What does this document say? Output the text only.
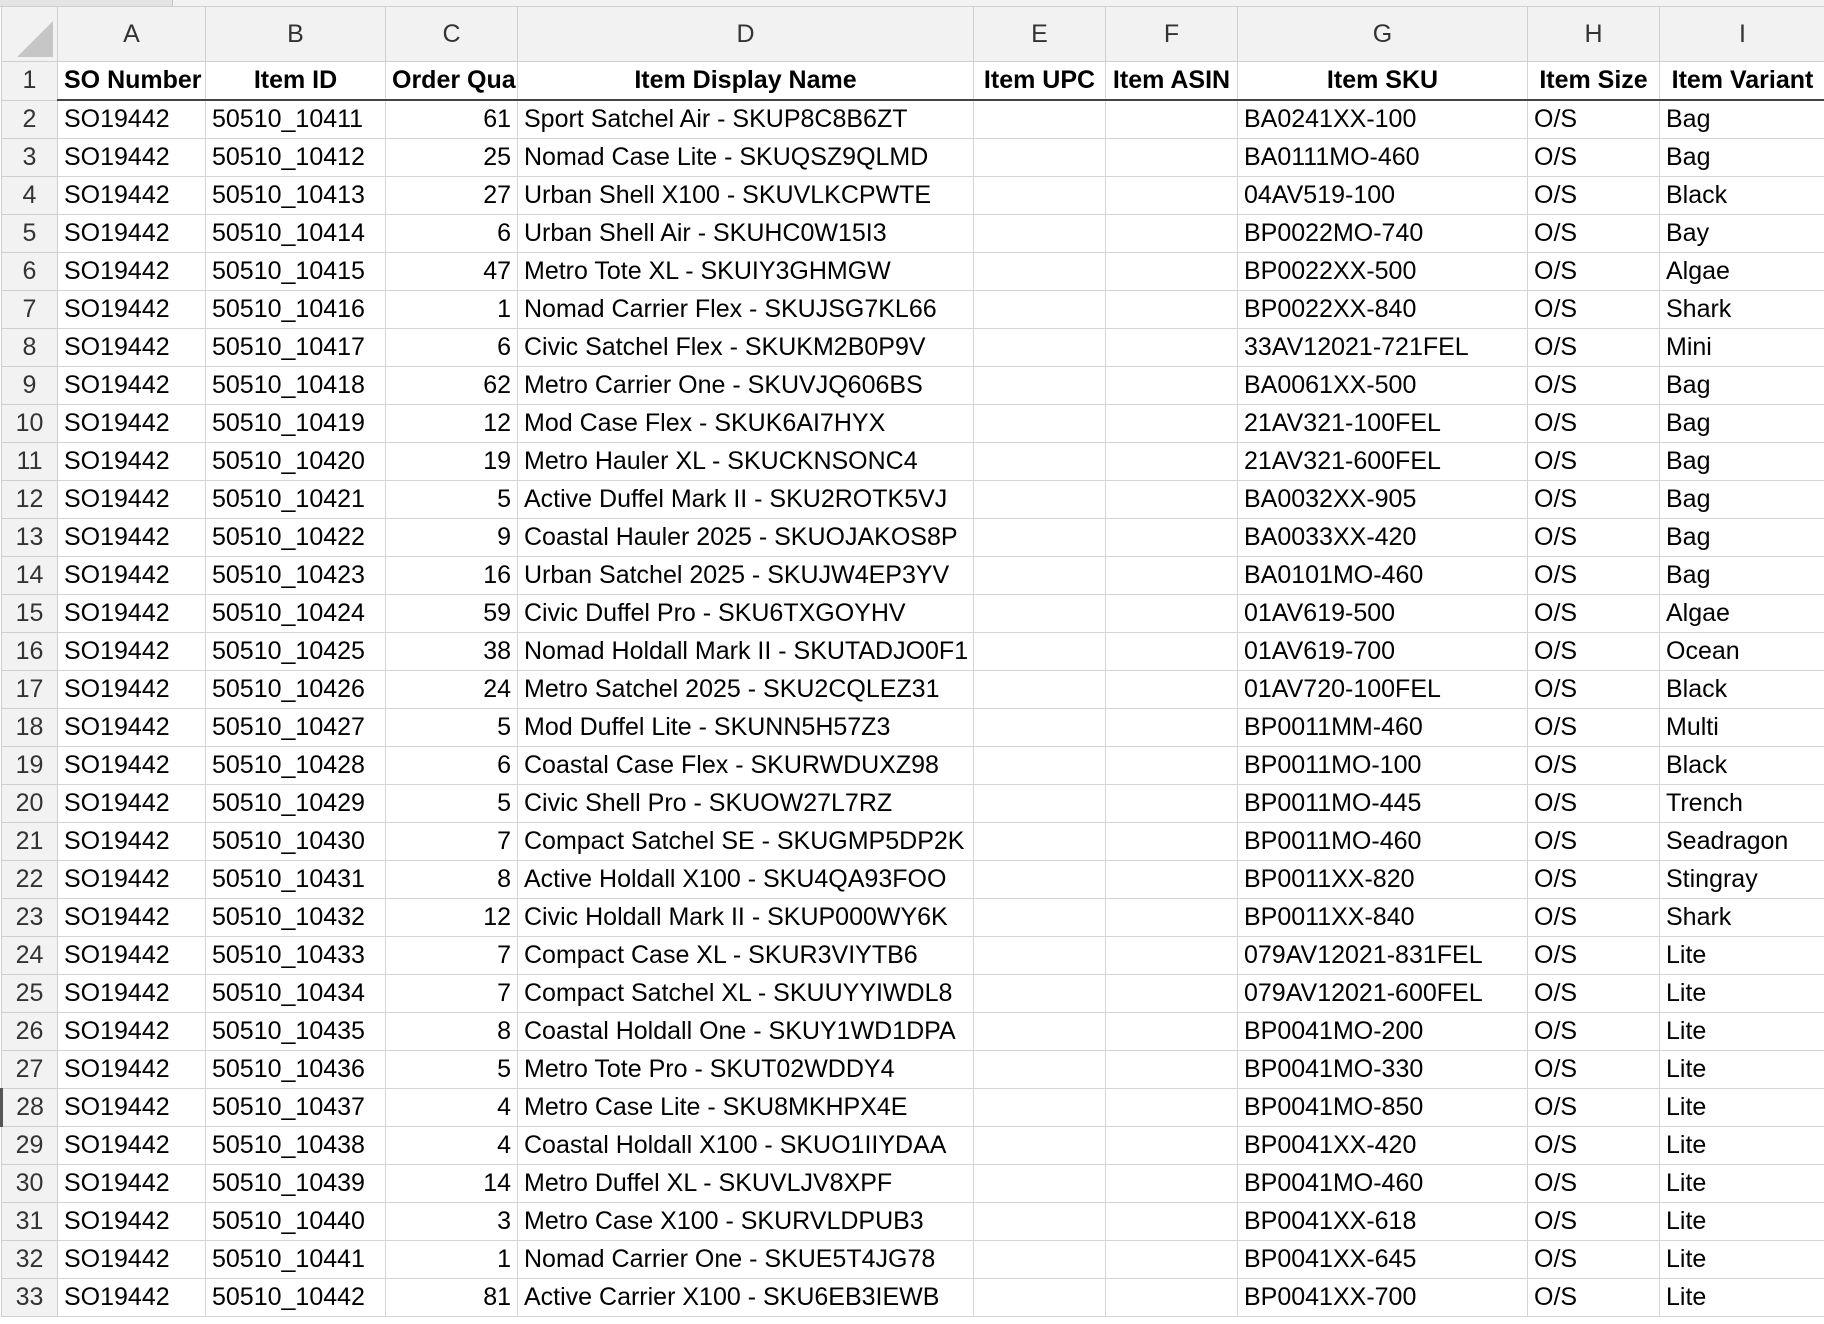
	A	B	C	D	E	F	G	H	I
1	SO Number	Item ID	Order Qua	Item Display Name	Item UPC	Item ASIN	Item SKU	Item Size	Item Variant
2	SO19442	50510_10411	61	Sport Satchel Air - SKUP8C8B6ZT			BA0241XX-100	O/S	Bag
3	SO19442	50510_10412	25	Nomad Case Lite - SKUQSZ9QLMD			BA0111MO-460	O/S	Bag
4	SO19442	50510_10413	27	Urban Shell X100 - SKUVLKCPWTE			04AV519-100	O/S	Black
5	SO19442	50510_10414	6	Urban Shell Air - SKUHC0W15I3			BP0022MO-740	O/S	Bay
6	SO19442	50510_10415	47	Metro Tote XL - SKUIY3GHMGW			BP0022XX-500	O/S	Algae
7	SO19442	50510_10416	1	Nomad Carrier Flex - SKUJSG7KL66			BP0022XX-840	O/S	Shark
8	SO19442	50510_10417	6	Civic Satchel Flex - SKUKM2B0P9V			33AV12021-721FEL	O/S	Mini
9	SO19442	50510_10418	62	Metro Carrier One - SKUVJQ606BS			BA0061XX-500	O/S	Bag
10	SO19442	50510_10419	12	Mod Case Flex - SKUK6AI7HYX			21AV321-100FEL	O/S	Bag
11	SO19442	50510_10420	19	Metro Hauler XL - SKUCKNSONC4			21AV321-600FEL	O/S	Bag
12	SO19442	50510_10421	5	Active Duffel Mark II - SKU2ROTK5VJ			BA0032XX-905	O/S	Bag
13	SO19442	50510_10422	9	Coastal Hauler 2025 - SKUOJAKOS8P			BA0033XX-420	O/S	Bag
14	SO19442	50510_10423	16	Urban Satchel 2025 - SKUJW4EP3YV			BA0101MO-460	O/S	Bag
15	SO19442	50510_10424	59	Civic Duffel Pro - SKU6TXGOYHV			01AV619-500	O/S	Algae
16	SO19442	50510_10425	38	Nomad Holdall Mark II - SKUTADJO0F1			01AV619-700	O/S	Ocean
17	SO19442	50510_10426	24	Metro Satchel 2025 - SKU2CQLEZ31			01AV720-100FEL	O/S	Black
18	SO19442	50510_10427	5	Mod Duffel Lite - SKUNN5H57Z3			BP0011MM-460	O/S	Multi
19	SO19442	50510_10428	6	Coastal Case Flex - SKURWDUXZ98			BP0011MO-100	O/S	Black
20	SO19442	50510_10429	5	Civic Shell Pro - SKUOW27L7RZ			BP0011MO-445	O/S	Trench
21	SO19442	50510_10430	7	Compact Satchel SE - SKUGMP5DP2K			BP0011MO-460	O/S	Seadragon
22	SO19442	50510_10431	8	Active Holdall X100 - SKU4QA93FOO			BP0011XX-820	O/S	Stingray
23	SO19442	50510_10432	12	Civic Holdall Mark II - SKUP000WY6K			BP0011XX-840	O/S	Shark
24	SO19442	50510_10433	7	Compact Case XL - SKUR3VIYTB6			079AV12021-831FEL	O/S	Lite
25	SO19442	50510_10434	7	Compact Satchel XL - SKUUYYIWDL8			079AV12021-600FEL	O/S	Lite
26	SO19442	50510_10435	8	Coastal Holdall One - SKUY1WD1DPA			BP0041MO-200	O/S	Lite
27	SO19442	50510_10436	5	Metro Tote Pro - SKUT02WDDY4			BP0041MO-330	O/S	Lite
28	SO19442	50510_10437	4	Metro Case Lite - SKU8MKHPX4E			BP0041MO-850	O/S	Lite
29	SO19442	50510_10438	4	Coastal Holdall X100 - SKUO1IIYDAA			BP0041XX-420	O/S	Lite
30	SO19442	50510_10439	14	Metro Duffel XL - SKUVLJV8XPF			BP0041MO-460	O/S	Lite
31	SO19442	50510_10440	3	Metro Case X100 - SKURVLDPUB3			BP0041XX-618	O/S	Lite
32	SO19442	50510_10441	1	Nomad Carrier One - SKUE5T4JG78			BP0041XX-645	O/S	Lite
33	SO19442	50510_10442	81	Active Carrier X100 - SKU6EB3IEWB			BP0041XX-700	O/S	Lite
